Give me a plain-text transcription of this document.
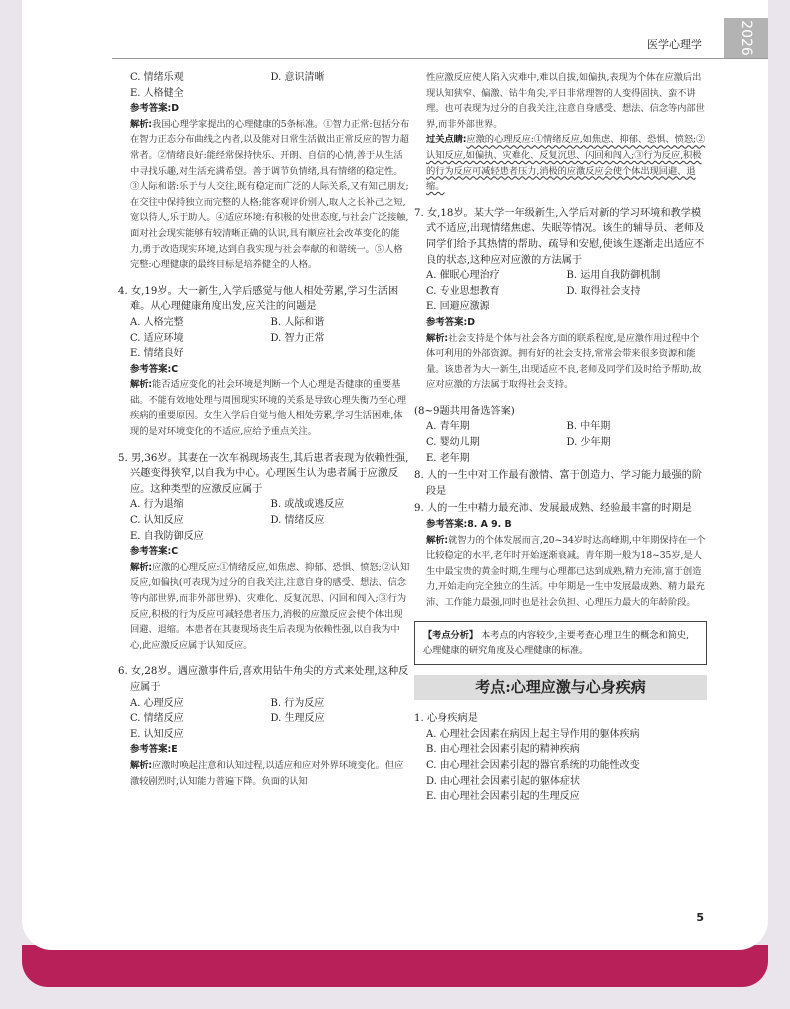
医学心理学	2026
C. 情绪乐观	D. 意识清晰
E. 人格健全

参考答案:D

解析:我国心理学家提出的心理健康的5条标准。①智力正常:包括分布在智力正态分布曲线之内者,以及能对日常生活做出正常反应的智力超常者。②情绪良好:能经常保持快乐、开朗、自信的心情,善于从生活中寻找乐趣,对生活充满希望。善于调节负情绪,具有情绪的稳定性。③人际和谐:乐于与人交往,既有稳定而广泛的人际关系,又有知己朋友;在交往中保持独立而完整的人格;能客观评价别人,取人之长补己之短,宽以待人,乐于助人。④适应环境:有积极的处世态度,与社会广泛接触,面对社会现实能够有较清晰正确的认识,具有顺应社会改革变化的能力,勇于改造现实环境,达到自我实现与社会奉献的和谐统一。⑤人格完整:心理健康的最终目标是培养健全的人格。

4. 女,19岁。大一新生,入学后感觉与他人相处劳累,学习生活困难。从心理健康角度出发,应关注的问题是

A. 人格完整	B. 人际和谐
C. 适应环境	D. 智力正常
E. 情绪良好

参考答案:C

解析:能否适应变化的社会环境是判断一个人心理是否健康的重要基础。不能有效地处理与周围现实环境的关系是导致心理失衡乃至心理疾病的重要原因。女生入学后自觉与他人相处劳累,学习生活困难,体现的是对环境变化的不适应,应给予重点关注。

5. 男,36岁。其妻在一次车祸现场丧生,其后患者表现为依赖性强,兴趣变得狭窄,以自我为中心。心理医生认为患者属于应激反应。这种类型的应激反应属于

A. 行为退缩	B. 或战或逃反应
C. 认知反应	D. 情绪反应
E. 自我防御反应

参考答案:C

解析:应激的心理反应:①情绪反应,如焦虑、抑郁、恐惧、愤怒;②认知反应,如偏执(可表现为过分的自我关注,注意自身的感受、想法、信念等内部世界,而非外部世界)、灾难化、反复沉思、闪回和闯入;③行为反应,积极的行为反应可减轻患者压力,消极的应激反应会使个体出现回避、退缩。本患者在其妻现场丧生后表现为依赖性强,以自我为中心,此应激反应属于认知反应。

6. 女,28岁。遇应激事件后,喜欢用钻牛角尖的方式来处理,这种反应属于

A. 心理反应	B. 行为反应
C. 情绪反应	D. 生理反应
E. 认知反应

参考答案:E

解析:应激时唤起注意和认知过程,以适应和应对外界环境变化。但应激较剧烈时,认知能力普遍下降。负面的认知

性应激反应使人陷入灾难中,难以自拔,如偏执,表现为个体在应激后出现认知狭窄、偏激、钻牛角尖,平日非常理智的人变得固执、蛮不讲理。也可表现为过分的自我关注,注意自身感受、想法、信念等内部世界,而非外部世界。

过关点睛:应激的心理反应:①情绪反应,如焦虑、抑郁、恐惧、愤怒;②认知反应,如偏执、灾难化、反复沉思、闪回和闯入;③行为反应,积极的行为反应可减轻患者压力,消极的应激反应会使个体出现回避、退缩。

7. 女,18岁。某大学一年级新生,入学后对新的学习环境和教学模式不适应,出现情绪焦虑、失眠等情况。该生的辅导员、老师及同学们给予其热情的帮助、疏导和安慰,使该生逐渐走出适应不良的状态,这种应对应激的方法属于

A. 催眠心理治疗	B. 运用自我防御机制
C. 专业思想教育	D. 取得社会支持
E. 回避应激源

参考答案:D

解析:社会支持是个体与社会各方面的联系程度,是应激作用过程中个体可利用的外部资源。拥有好的社会支持,常常会带来很多资源和能量。该患者为大一新生,出现适应不良,老师及同学们及时给予帮助,故应对应激的方法属于取得社会支持。

(8~9题共用备选答案)

A. 青年期	B. 中年期
C. 婴幼儿期	D. 少年期
E. 老年期

8. 人的一生中对工作最有激情、富于创造力、学习能力最强的阶段是

9. 人的一生中精力最充沛、发展最成熟、经验最丰富的时期是

参考答案:8. A 9. B

解析:就智力的个体发展而言,20~34岁时达高峰期,中年期保持在一个比较稳定的水平,老年时开始逐渐衰减。青年期一般为18~35岁,是人生中最宝贵的黄金时期,生理与心理都已达到成熟,精力充沛,富于创造力,开始走向完全独立的生活。中年期是一生中发展最成熟、精力最充沛、工作能力最强,同时也是社会负担、心理压力最大的年龄阶段。

【考点分析】 本考点的内容较少,主要考查心理卫生的概念和简史,心理健康的研究角度及心理健康的标准。
考点:心理应激与心身疾病

1. 心身疾病是

A. 心理社会因素在病因上起主导作用的躯体疾病
B. 由心理社会因素引起的精神疾病
C. 由心理社会因素引起的器官系统的功能性改变
D. 由心理社会因素引起的躯体症状
E. 由心理社会因素引起的生理反应
5
